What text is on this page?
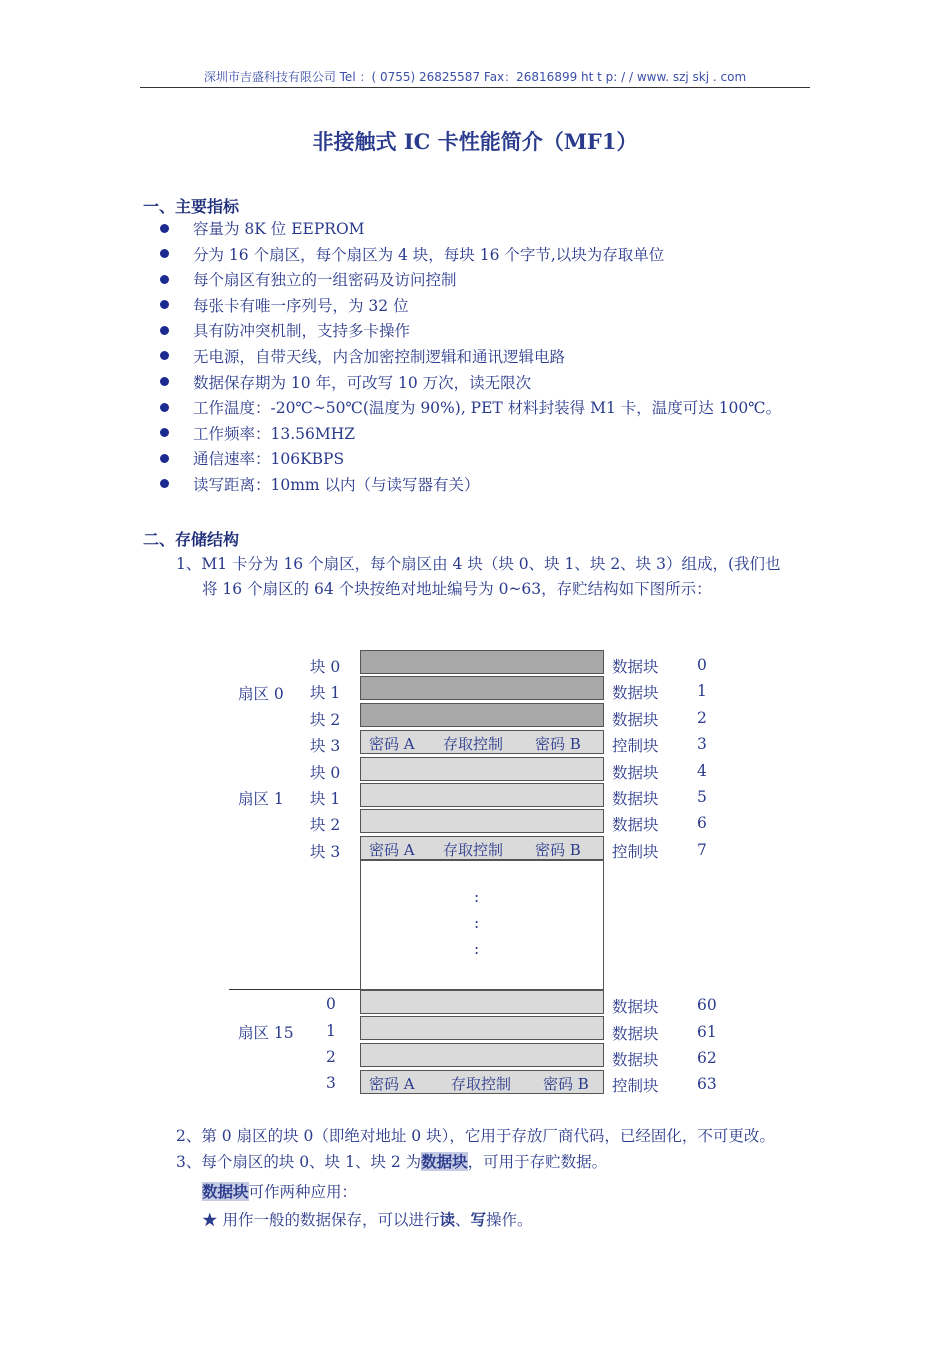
深圳市吉盛科技有限公司 Tel ：( 0755) 26825587 Fax：26816899 ht t p: / / www. szj skj . com
非接触式 IC 卡性能简介（MF1）
一、主要指标
容量为 8K 位 EEPROM
分为 16 个扇区，每个扇区为 4 块，每块 16 个字节,以块为存取单位
每个扇区有独立的一组密码及访问控制
每张卡有唯一序列号，为 32 位
具有防冲突机制，支持多卡操作
无电源，自带天线，内含加密控制逻辑和通讯逻辑电路
数据保存期为 10 年，可改写 10 万次，读无限次
工作温度：-20℃~50℃(温度为 90%), PET 材料封装得 M1 卡，温度可达 100℃。
工作频率：13.56MHZ
通信速率：106KBPS
读写距离：10mm 以内（与读写器有关）
二、存储结构
1、M1 卡分为 16 个扇区，每个扇区由 4 块（块 0、块 1、块 2、块 3）组成，(我们也
将 16 个扇区的 64 个块按绝对地址编号为 0~63，存贮结构如下图所示：
扇区 0
扇区 1
扇区 15
密码 A 存取控制 密码 B
密码 A 存取控制 密码 B
:
:
:
密码 A 存取控制 密码 B
块 0
块 1
块 2
块 3
块 0
块 1
块 2
块 3
0
1
2
3
数据块
数据块
数据块
控制块
数据块
数据块
数据块
控制块
数据块
数据块
数据块
控制块
0
1
2
3
4
5
6
7
60
61
62
63
2、第 0 扇区的块 0（即绝对地址 0 块），它用于存放厂商代码，已经固化，不可更改。
3、每个扇区的块 0、块 1、块 2 为数据块，可用于存贮数据。
数据块可作两种应用：
★ 用作一般的数据保存，可以进行读、写操作。
